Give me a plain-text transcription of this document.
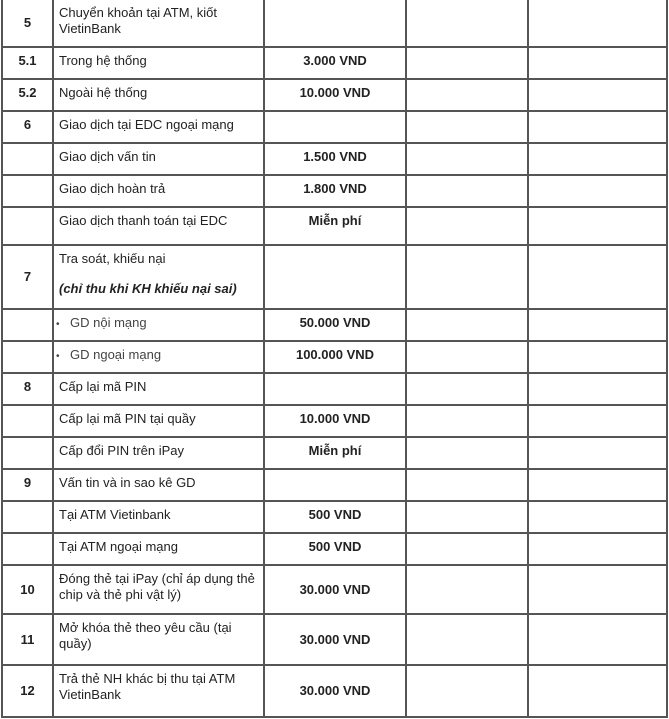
5	Chuyển khoản tại ATM, kiốt VietinBank			
5.1	Trong hệ thống	3.000 VND		
5.2	Ngoài hệ thống	10.000 VND		
6	Giao dịch tại EDC ngoại mạng			
	Giao dịch vấn tin	1.500 VND		
	Giao dịch hoàn trả	1.800 VND		
	Giao dịch thanh toán tại EDC	Miễn phí		
7	Tra soát, khiếu nại
(chỉ thu khi KH khiếu nại sai)			

	• GD nội mạng	50.000 VND		
	• GD ngoại mạng	100.000 VND		
8	Cấp lại mã PIN			
	Cấp lại mã PIN tại quầy	10.000 VND		
	Cấp đổi PIN trên iPay	Miễn phí		
9	Vấn tin và in sao kê GD			
	Tại ATM Vietinbank	500 VND		
	Tại ATM ngoại mạng	500 VND		
10	Đóng thẻ tại iPay (chỉ áp dụng thẻ chip và thẻ phi vật lý)	30.000 VND		
11	Mở khóa thẻ theo yêu cầu (tại quầy)	30.000 VND		
12	Trả thẻ NH khác bị thu tại ATM VietinBank	30.000 VND		
